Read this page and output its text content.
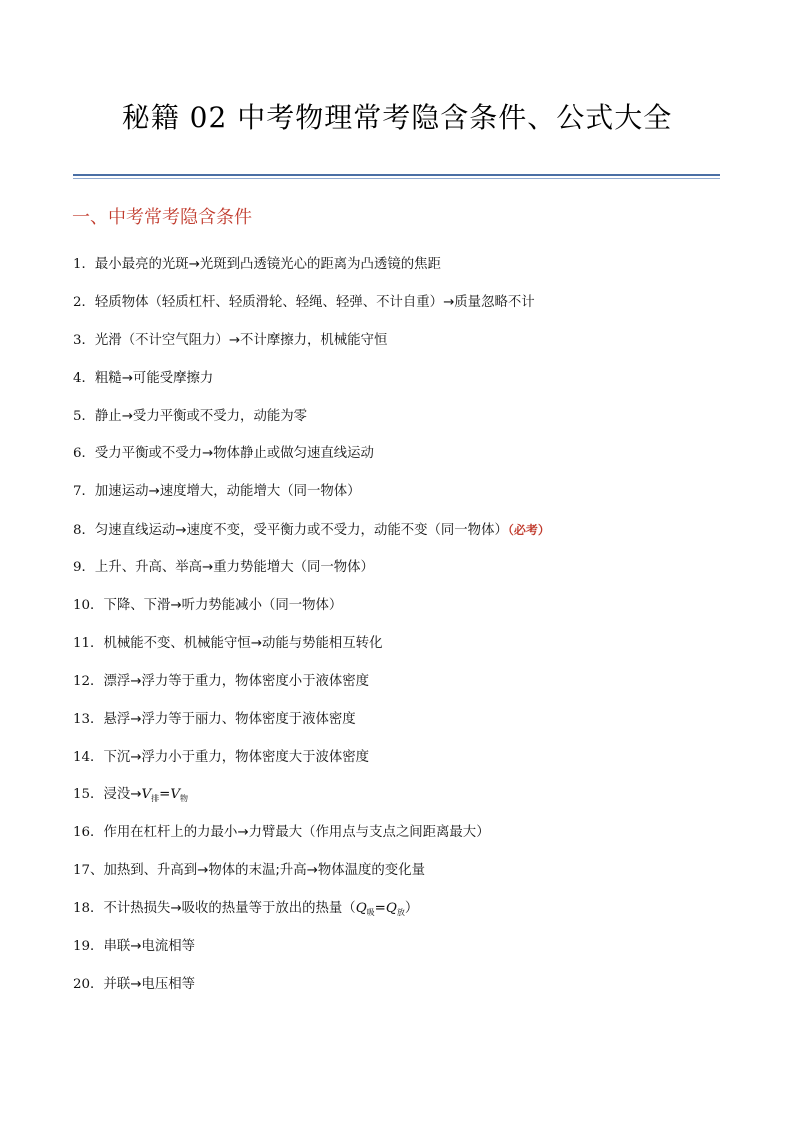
秘籍 02 中考物理常考隐含条件、公式大全
一、中考常考隐含条件
1．最小最亮的光斑→光斑到凸透镜光心的距离为凸透镜的焦距
2．轻质物体（轻质杠杆、轻质滑轮、轻绳、轻弹、不计自重）→质量忽略不计
3．光滑（不计空气阻力）→不计摩擦力，机械能守恒
4．粗糙→可能受摩擦力
5．静止→受力平衡或不受力，动能为零
6．受力平衡或不受力→物体静止或做匀速直线运动
7．加速运动→速度增大，动能增大（同一物体）
8．匀速直线运动→速度不变，受平衡力或不受力，动能不变（同一物体）（必考）
9．上升、升高、举高→重力势能增大（同一物体）
10．下降、下滑→听力势能减小（同一物体）
11．机械能不变、机械能守恒→动能与势能相互转化
12．漂浮→浮力等于重力，物体密度小于液体密度
13．悬浮→浮力等于丽力、物体密度于液体密度
14．下沉→浮力小于重力，物体密度大于波体密度
15．浸没$\to V_排=V_物$
16．作用在杠杆上的力最小→力臂最大（作用点与支点之间距离最大）
17、加热到、升高到→物体的末温;升高→物体温度的变化量
18．不计热损失→吸收的热量等于放出的热量$(Q_吸=Q_放)$
19．串联→电流相等
20．并联→电压相等
